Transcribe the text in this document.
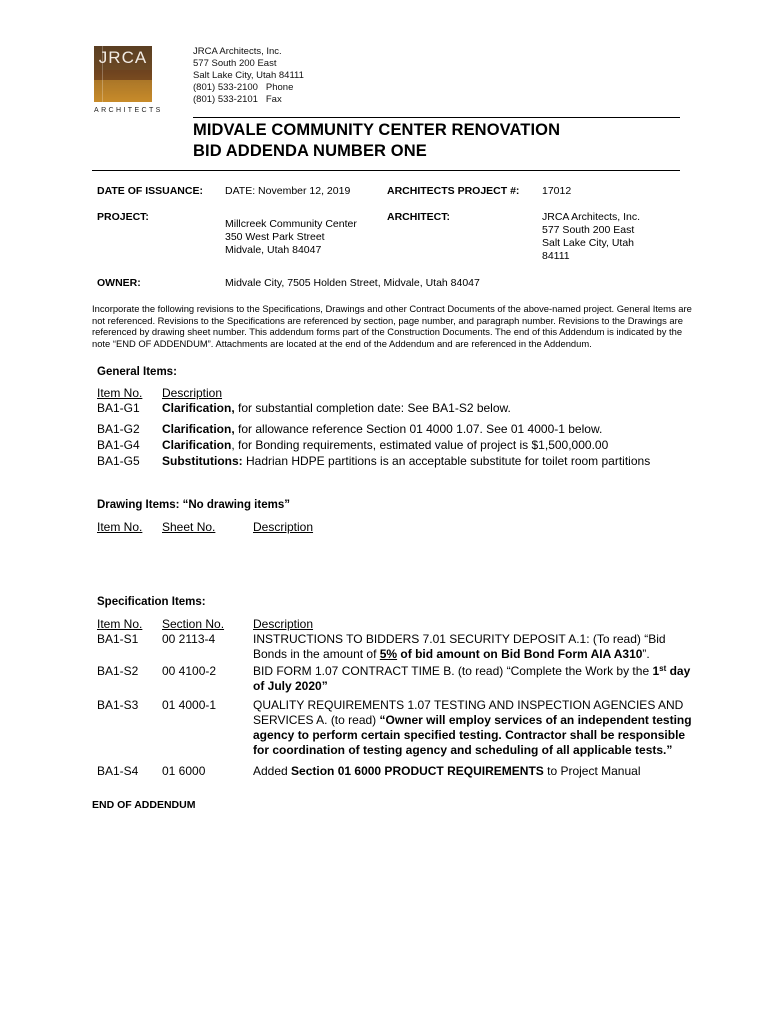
JRCA
ARCHITECTS
JRCA Architects, Inc.
577 South 200 East
Salt Lake City, Utah 84111
(801) 533-2100   Phone
(801) 533-2101   Fax
MIDVALE COMMUNITY CENTER RENOVATION
BID ADDENDA NUMBER ONE
DATE OF ISSUANCE: DATE: November 12, 2019	ARCHITECTS PROJECT #: 17012
PROJECT:
Millcreek Community Center
350 West Park Street
Midvale, Utah 84047
ARCHITECT:	JRCA Architects, Inc.
577 South 200 East
Salt Lake City, Utah
84111
OWNER:	Midvale City, 7505 Holden Street, Midvale, Utah 84047
Incorporate the following revisions to the Specifications, Drawings and other Contract Documents of the above-named project. General Items are not referenced. Revisions to the Specifications are referenced by section, page number, and paragraph number. Revisions to the Drawings are referenced by drawing sheet number. This addendum forms part of the Construction Documents. The end of this Addendum is indicated by the note “END OF ADDENDUM”. Attachments are located at the end of the Addendum and are referenced in the Addendum.
General Items:
Item No. Description
BA1-G1 Clarification, for substantial completion date: See BA1-S2 below.
BA1-G2 Clarification, for allowance reference Section 01 4000 1.07. See 01 4000-1 below.
BA1-G4 Clarification, for Bonding requirements, estimated value of project is $1,500,000.00
BA1-G5 Substitutions: Hadrian HDPE partitions is an acceptable substitute for toilet room partitions
Drawing Items: “No drawing items”
Item No. Sheet No.	Description
Specification Items:
Item No. Section No. Description
BA1-S1 00 2113-4	INSTRUCTIONS TO BIDDERS 7.01 SECURITY DEPOSIT A.1: (To read) “Bid
Bonds in the amount of 5% of bid amount on Bid Bond Form AIA A310”.
BA1-S2 00 4100-2	BID FORM 1.07 CONTRACT TIME B. (to read) “Complete the Work by the 1st day
of July 2020”
BA1-S3 01 4000-1	QUALITY REQUIREMENTS 1.07 TESTING AND INSPECTION AGENCIES AND
SERVICES A. (to read) “Owner will employ services of an independent testing
agency to perform certain specified testing. Contractor shall be responsible
for coordination of testing agency and scheduling of all applicable tests.”
BA1-S4 01 6000	Added Section 01 6000 PRODUCT REQUIREMENTS to Project Manual
END OF ADDENDUM
